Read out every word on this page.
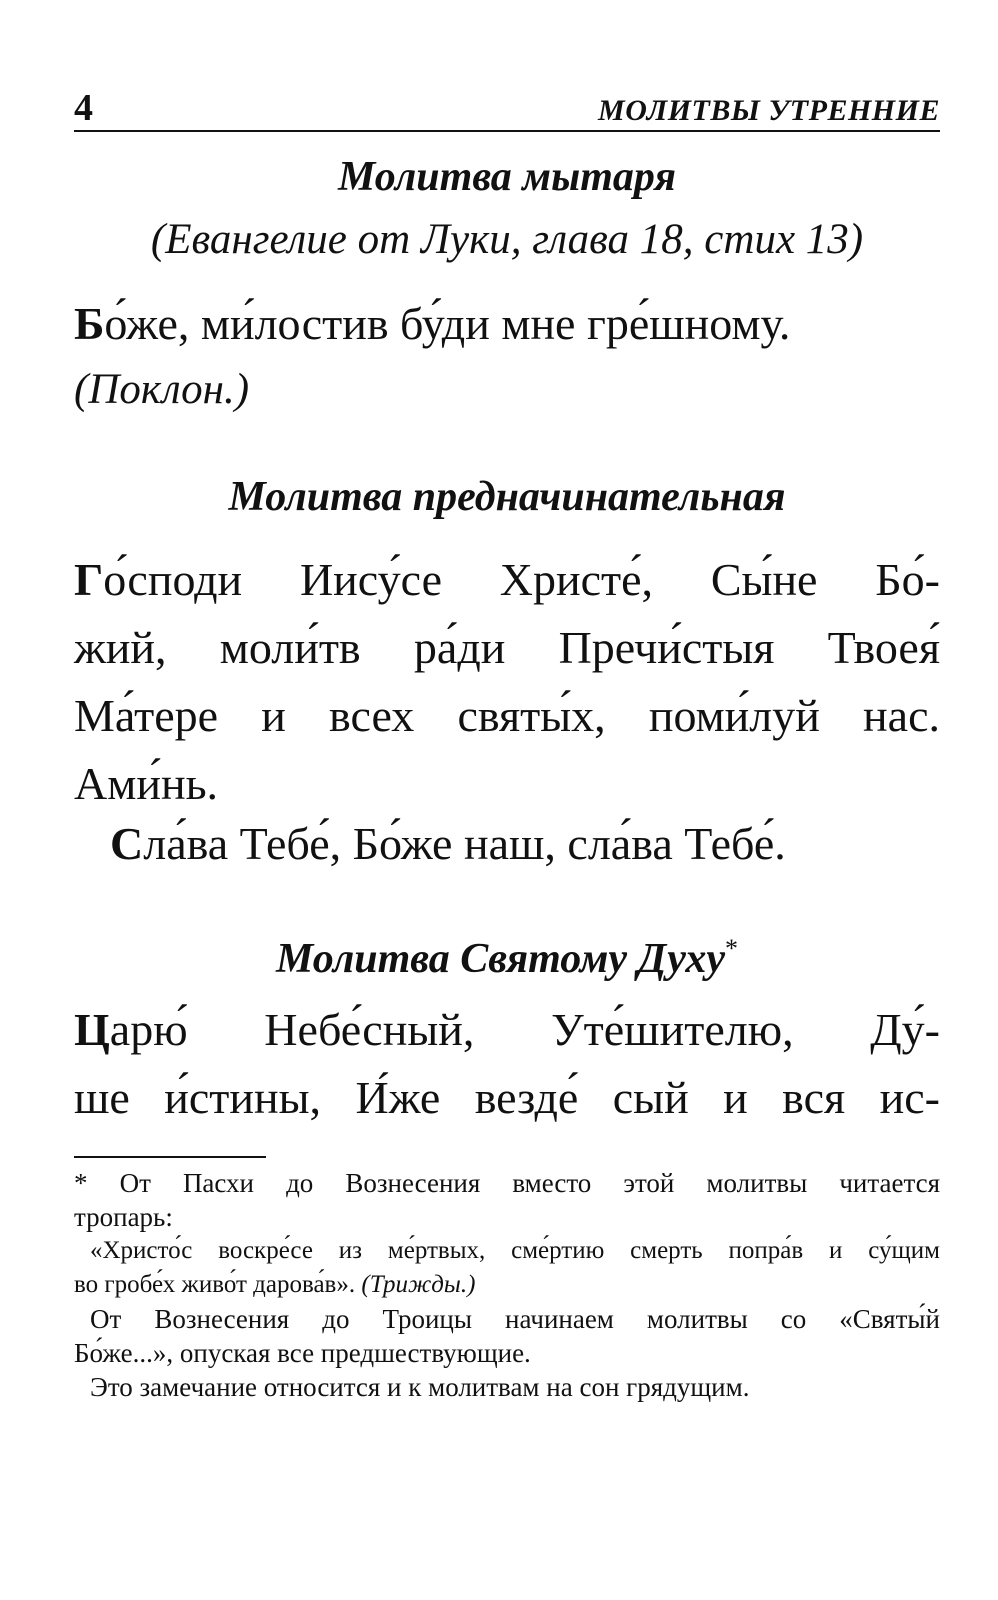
4	МОЛИТВЫ УТРЕННИЕ
Молитва мытаря
(Евангелие от Луки, глава 18, стих 13)
Бо́же, ми́лостив бу́ди мне гре́шному.
(Поклон.)
Молитва предначинательная
Го́споди Иису́се Христе́, Сы́не Бо́-
жий, моли́тв ра́ди Пречи́стыя Твоея́
Ма́тере и всех святы́х, поми́луй нас.
Ами́нь.
Сла́ва Тебе́, Бо́же наш, сла́ва Тебе́.
Молитва Святому Духу*
Царю́ Небе́сный, Уте́шителю, Ду́-
ше и́стины, И́же везде́ сый и вся ис-
* От Пасхи до Вознесения вместо этой молитвы читается
тропарь:
«Христо́с воскре́се из ме́ртвых, сме́ртию смерть попра́в и су́щим
во гробе́х живо́т дарова́в». (Трижды.)
От Вознесения до Троицы начинаем молитвы со «Святы́й
Бо́же...», опуская все предшествующие.
Это замечание относится и к молитвам на сон грядущим.
